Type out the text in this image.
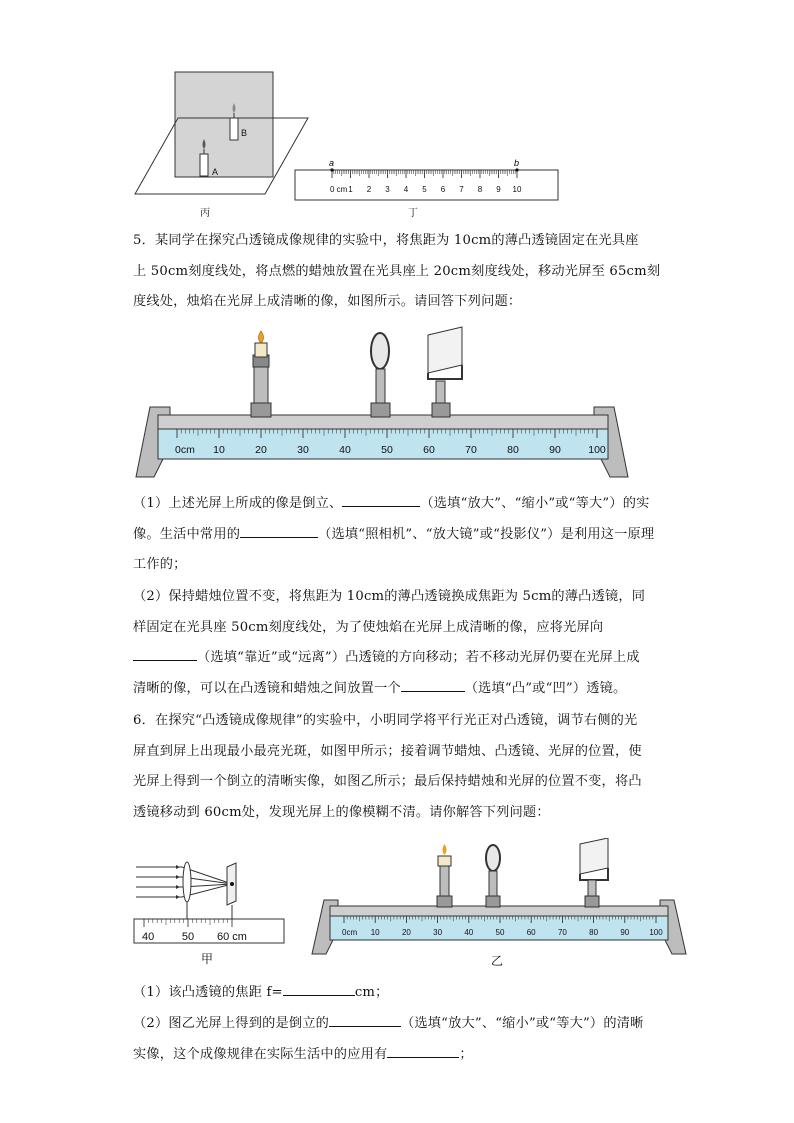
B
A
丙
0 cm 1 2 3 4 5 6 7 8 9 10
a	b
丁
5．某同学在探究凸透镜成像规律的实验中，将焦距为 10cm的薄凸透镜固定在光具座
上 50cm刻度线处，将点燃的蜡烛放置在光具座上 20cm刻度线处，移动光屏至 65cm刻
度线处，烛焰在光屏上成清晰的像，如图所示。请回答下列问题：
0cm 10	20	30	40	50	60	70	80	90	100
（1）上述光屏上所成的像是倒立、	（选填“放大”、“缩小”或“等大”）的实
像。生活中常用的	（选填“照相机”、“放大镜”或“投影仪”）是利用这一原理
工作的；
（2）保持蜡烛位置不变，将焦距为 10cm的薄凸透镜换成焦距为 5cm的薄凸透镜，同
样固定在光具座 50cm刻度线处，为了使烛焰在光屏上成清晰的像，应将光屏向
（选填“靠近”或“远离”）凸透镜的方向移动；若不移动光屏仍要在光屏上成
清晰的像，可以在凸透镜和蜡烛之间放置一个	（选填“凸”或“凹”）透镜。
6．在探究“凸透镜成像规律”的实验中，小明同学将平行光正对凸透镜，调节右侧的光
屏直到屏上出现最小最亮光斑，如图甲所示；接着调节蜡烛、凸透镜、光屏的位置，使
光屏上得到一个倒立的清晰实像，如图乙所示；最后保持蜡烛和光屏的位置不变，将凸
透镜移动到 60cm处，发现光屏上的像模糊不清。请你解答下列问题：
40	50 60 cm
甲
0cm 10	20	30	40	50	60	70	80	90	100
乙
（1）该凸透镜的焦距 f=	cm；
（2）图乙光屏上得到的是倒立的	（选填“放大”、“缩小”或“等大”）的清晰
实像，这个成像规律在实际生活中的应用有	；
